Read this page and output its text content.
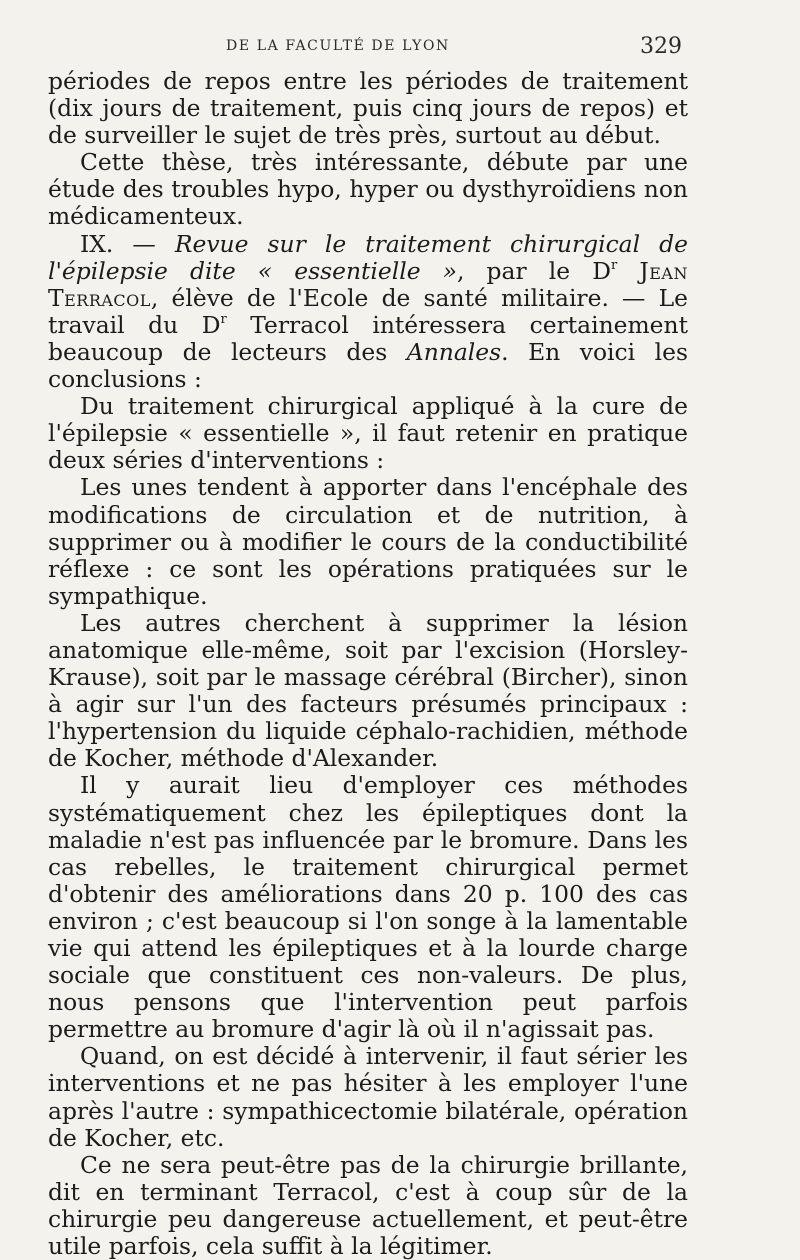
DE LA FACULTÉ DE LYON	329

périodes de repos entre les périodes de traitement (dix jours de traitement, puis cinq jours de repos) et de surveiller le sujet de très près, surtout au début.

Cette thèse, très intéressante, débute par une étude des troubles hypo, hyper ou dysthyroïdiens non médicamenteux.

IX. — Revue sur le traitement chirurgical de l'épilepsie dite « essentielle », par le $D^r$ Jean Terracol, élève de l'Ecole de santé militaire. — Le travail du $D^r$ Terracol intéressera certainement beaucoup de lecteurs des Annales. En voici les conclusions :

Du traitement chirurgical appliqué à la cure de l'épilepsie « essentielle », il faut retenir en pratique deux séries d'interventions :

Les unes tendent à apporter dans l'encéphale des modifications de circulation et de nutrition, à supprimer ou à modifier le cours de la conductibilité réflexe : ce sont les opérations pratiquées sur le sympathique.

Les autres cherchent à supprimer la lésion anatomique elle-même, soit par l'excision (Horsley-Krause), soit par le massage cérébral (Bircher), sinon à agir sur l'un des facteurs présumés principaux : l'hypertension du liquide céphalo-rachidien, méthode de Kocher, méthode d'Alexander.

Il y aurait lieu d'employer ces méthodes systématiquement chez les épileptiques dont la maladie n'est pas influencée par le bromure. Dans les cas rebelles, le traitement chirurgical permet d'obtenir des améliorations dans 20 p. 100 des cas environ ; c'est beaucoup si l'on songe à la lamentable vie qui attend les épileptiques et à la lourde charge sociale que constituent ces non-valeurs. De plus, nous pensons que l'intervention peut parfois permettre au bromure d'agir là où il n'agissait pas.

Quand, on est décidé à intervenir, il faut sérier les interventions et ne pas hésiter à les employer l'une après l'autre : sympathicectomie bilatérale, opération de Kocher, etc.

Ce ne sera peut-être pas de la chirurgie brillante, dit en terminant Terracol, c'est à coup sûr de la chirurgie peu dangereuse actuellement, et peut-être utile parfois, cela suffit à la légitimer.
